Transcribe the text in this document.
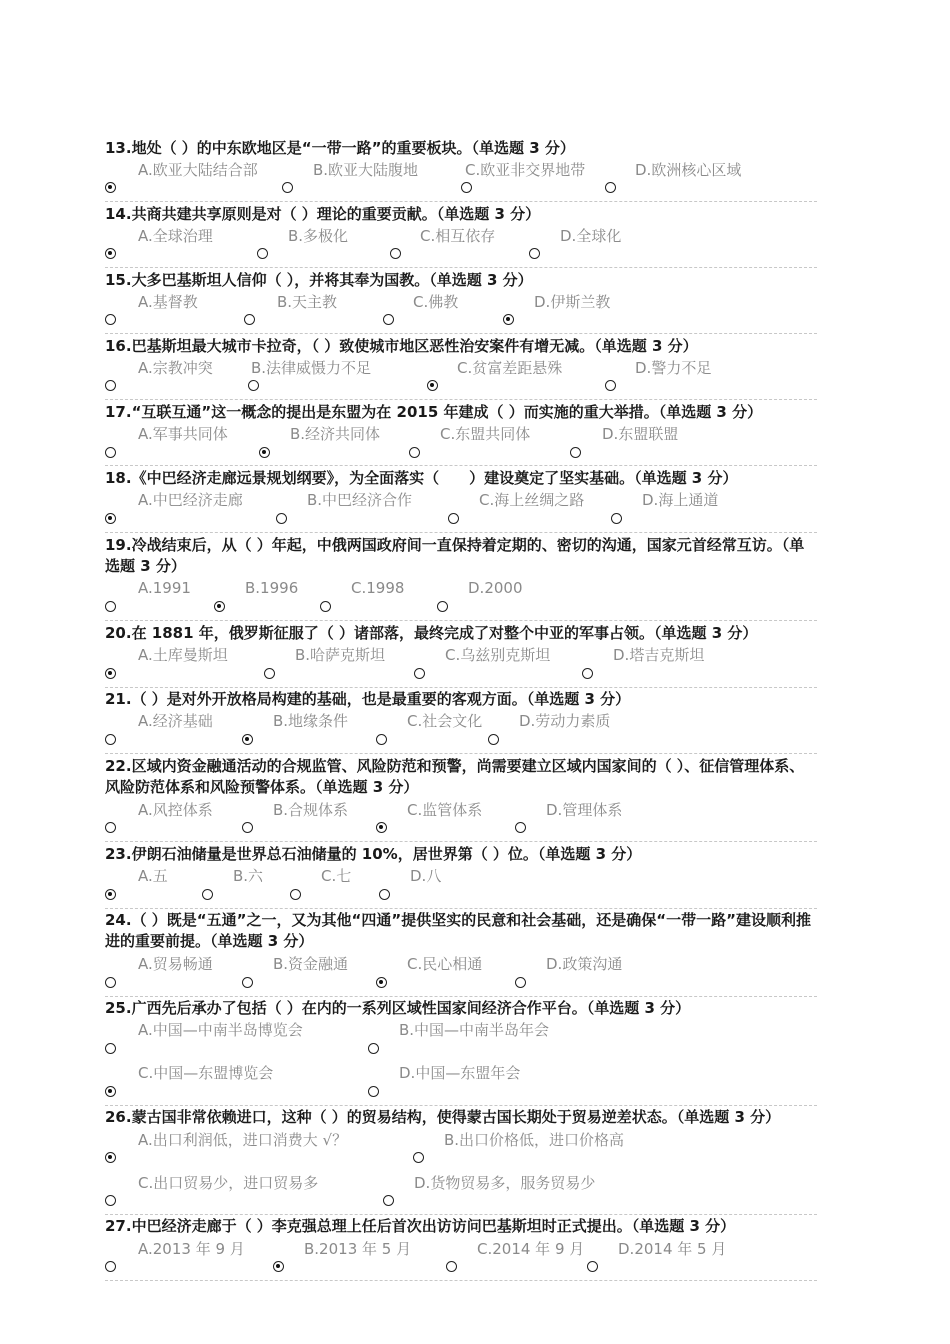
13.地处（ ）的中东欧地区是“一带一路”的重要板块。（单选题 3 分）
A.欧亚大陆结合部	B.欧亚大陆腹地	C.欧亚非交界地带	D.欧洲核心区域
14.共商共建共享原则是对（ ）理论的重要贡献。（单选题 3 分）
A.全球治理	B.多极化	C.相互依存	D.全球化
15.大多巴基斯坦人信仰（ ），并将其奉为国教。（单选题 3 分）
A.基督教	B.天主教	C.佛教	D.伊斯兰教
16.巴基斯坦最大城市卡拉奇，（ ）致使城市地区恶性治安案件有增无减。（单选题 3 分）
A.宗教冲突	B.法律威慑力不足	C.贫富差距悬殊	D.警力不足
17.“互联互通”这一概念的提出是东盟为在 2015 年建成（ ）而实施的重大举措。（单选题 3 分）
A.军事共同体	B.经济共同体	C.东盟共同体	D.东盟联盟
18.《中巴经济走廊远景规划纲要》，为全面落实（　　）建设奠定了坚实基础。（单选题 3 分）
A.中巴经济走廊	B.中巴经济合作	C.海上丝绸之路	D.海上通道
19.冷战结束后，从（ ）年起，中俄两国政府间一直保持着定期的、密切的沟通，国家元首经常互访。（单选题 3 分）
A.1991	B.1996	C.1998	D.2000
20.在 1881 年，俄罗斯征服了（ ）诸部落，最终完成了对整个中亚的军事占领。（单选题 3 分）
A.土库曼斯坦	B.哈萨克斯坦	C.乌兹别克斯坦	D.塔吉克斯坦
21.（ ）是对外开放格局构建的基础，也是最重要的客观方面。（单选题 3 分）
A.经济基础	B.地缘条件	C.社会文化 D.劳动力素质
22.区域内资金融通活动的合规监管、风险防范和预警，尚需要建立区域内国家间的（ ）、征信管理体系、风险防范体系和风险预警体系。（单选题 3 分）
A.风控体系	B.合规体系	C.监管体系	D.管理体系
23.伊朗石油储量是世界总石油储量的 10%，居世界第（ ）位。（单选题 3 分）
A.五	B.六	C.七	D.八
24.（ ）既是“五通”之一，又为其他“四通”提供坚实的民意和社会基础，还是确保“一带一路”建设顺利推进的重要前提。（单选题 3 分）
A.贸易畅通	B.资金融通	C.民心相通	D.政策沟通
25.广西先后承办了包括（ ）在内的一系列区域性国家间经济合作平台。（单选题 3 分）
A.中国—中南半岛博览会	B.中国—中南半岛年会
C.中国—东盟博览会	D.中国—东盟年会
26.蒙古国非常依赖进口，这种（ ）的贸易结构，使得蒙古国长期处于贸易逆差状态。（单选题 3 分）
A.出口利润低，进口消费大 √？	B.出口价格低，进口价格高
C.出口贸易少，进口贸易多	D.货物贸易多，服务贸易少
27.中巴经济走廊于（ ）李克强总理上任后首次出访访问巴基斯坦时正式提出。（单选题 3 分）
A.2013 年 9 月	B.2013 年 5 月	C.2014 年 9 月 D.2014 年 5 月
